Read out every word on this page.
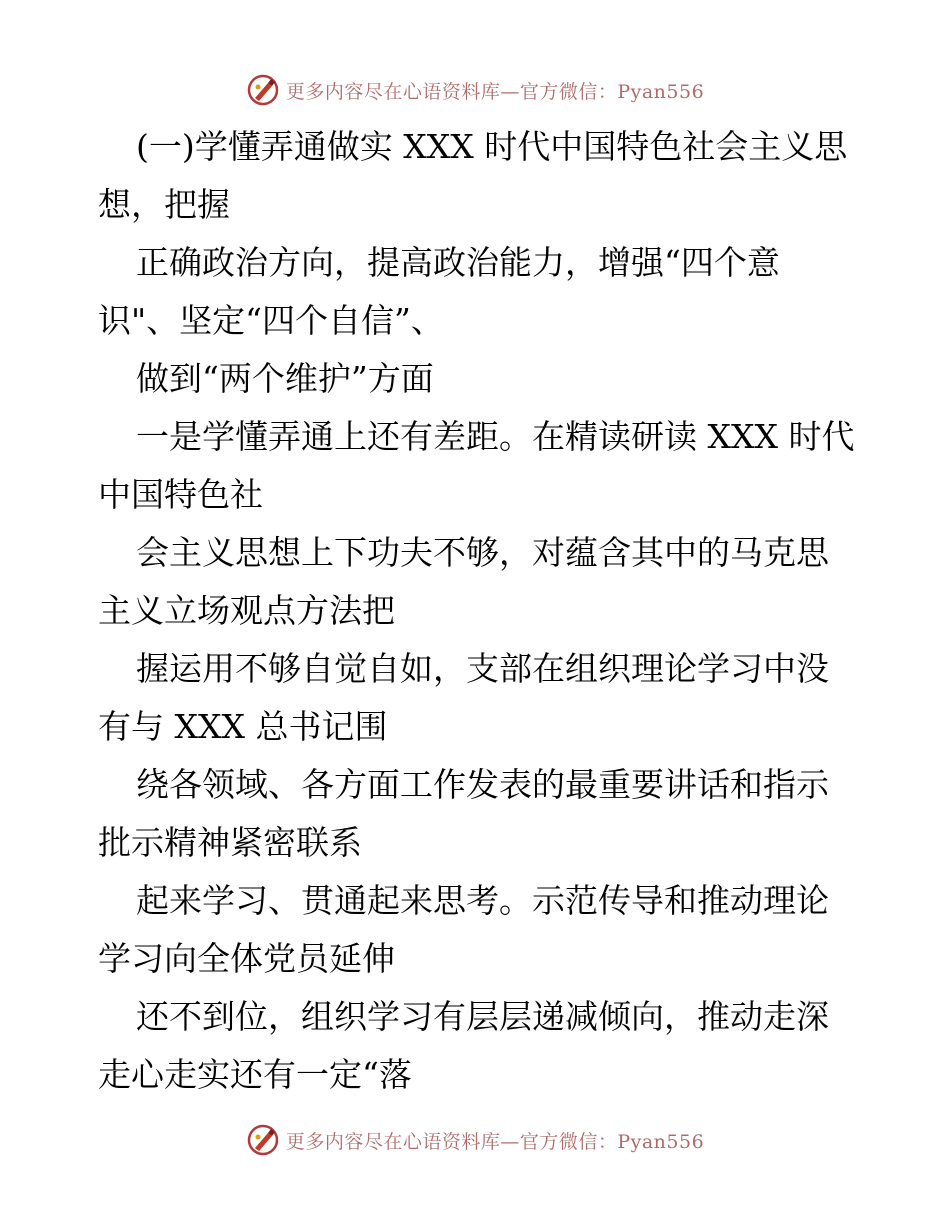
更多内容尽在心语资料库—官方微信：Pyan556

(一)学懂弄通做实 XXX 时代中国特色社会主义思想，把握

正确政治方向，提高政治能力，增强“四个意识"、坚定“四个自信”、

做到“两个维护”方面

一是学懂弄通上还有差距。在精读研读 XXX 时代中国特色社

会主义思想上下功夫不够，对蕴含其中的马克思主义立场观点方法把

握运用不够自觉自如，支部在组织理论学习中没有与 XXX 总书记围

绕各领域、各方面工作发表的最重要讲话和指示批示精神紧密联系

起来学习、贯通起来思考。示范传导和推动理论学习向全体党员延伸

还不到位，组织学习有层层递减倾向，推动走深走心走实还有一定“落

更多内容尽在心语资料库—官方微信：Pyan556
